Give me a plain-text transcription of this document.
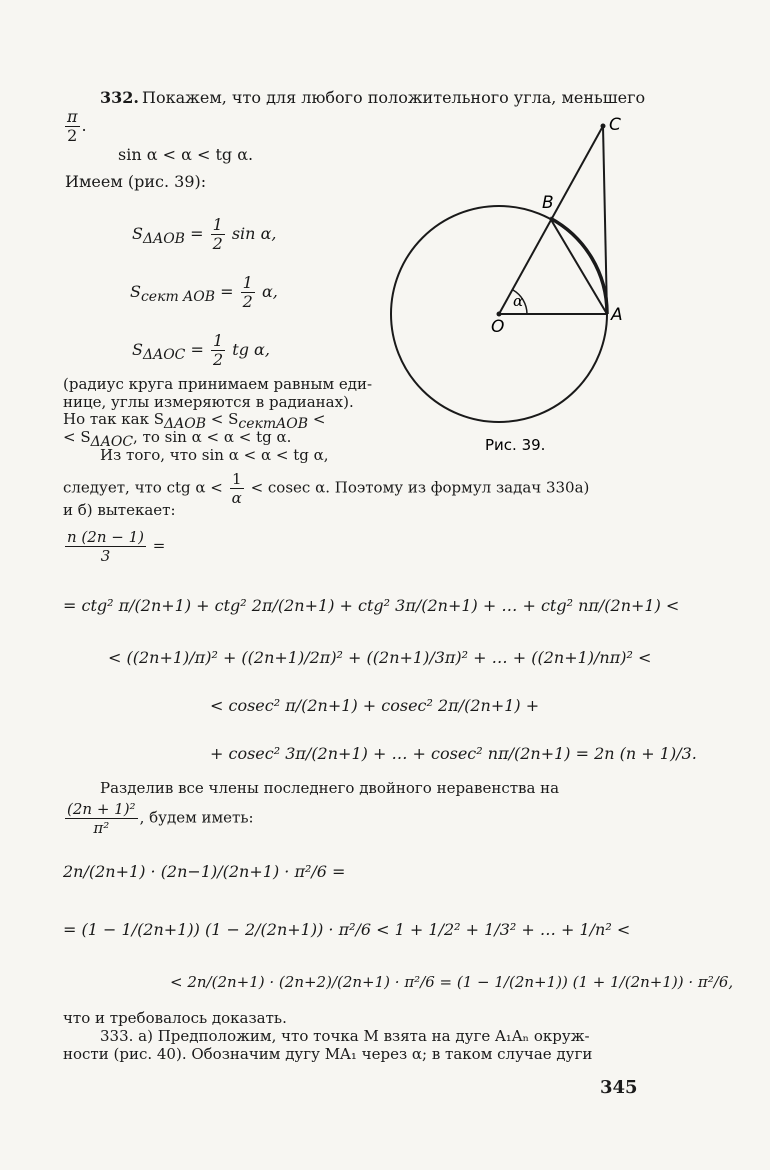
332. Покажем, что для любого положительного угла, меньшего
$\frac{\pi}{2}$ .
sin α < α < tg α.
Имеем (рис. 39):
$S_{\Delta AOB} = \frac{1}{2}$ sin α,
$S_{сект AOB} = \frac{1}{2} \alpha$,
$S_{\Delta AOC} = \frac{1}{2}$ tg α,
(радиус круга принимаем равным еди-
нице, углы измеряются в радианах).
Но так как $S_{\Delta AOB} < S_{сектAOB}$ <
< $S_{\Delta AOC}$, то sin α < α < tg α.
Из того, что sin α < α < tg α,
C
B
A
O
α
Рис. 39.
следует, что ctg $\alpha < \frac{1}{\alpha} < cosec$ α. Поэтому из формул задач 330а)
и б) вытекает:
$\frac{n (2n - 1)}{3}$ =
= ctg² π/(2n+1) + ctg² 2π/(2n+1) + ctg² 3π/(2n+1) + … + ctg² nπ/(2n+1) <
< ((2n+1)/π)² + ((2n+1)/2π)² + ((2n+1)/3π)² + … + ((2n+1)/nπ)² <
< cosec² π/(2n+1) + cosec² 2π/(2n+1) +
+ cosec² 3π/(2n+1) + … + cosec² nπ/(2n+1) = 2n (n + 1)/3.
Разделив все члены последнего двойного неравенства на
$\frac{\text{(2n + 1)²}}{\text{π²}}$ , будем иметь:
2n/(2n+1) · (2n−1)/(2n+1) · π²/6 =
= (1 − 1/(2n+1)) (1 − 2/(2n+1)) · π²/6 < 1 + 1/2² + 1/3² + … + 1/n² <
< 2n/(2n+1) · (2n+2)/(2n+1) · π²/6 = (1 − 1/(2n+1)) (1 + 1/(2n+1)) · π²/6,
что и требовалось доказать.
333. а) Предположим, что точка M взята на дуге A₁Aₙ окруж-
ности (рис. 40). Обозначим дугу MA₁ через α; в таком случае дуги
345
